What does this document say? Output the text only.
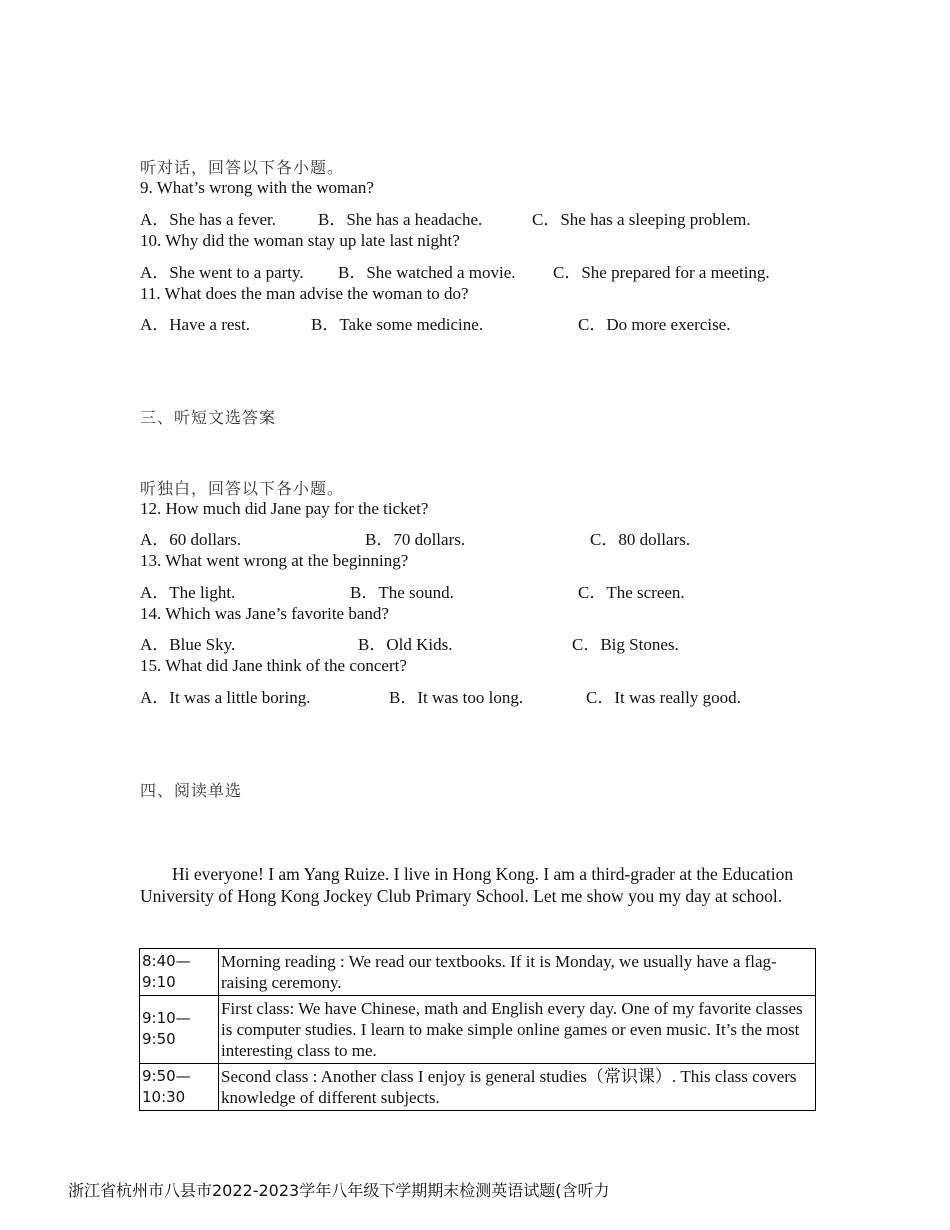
听对话，回答以下各小题。
9. What’s wrong with the woman?
A．She has a fever. B．She has a headache.	C．She has a sleeping problem.
10. Why did the woman stay up late last night?
A．She went to a party. B．She watched a movie. C．She prepared for a meeting.
11. What does the man advise the woman to do?
A．Have a rest.	B．Take some medicine.	C．Do more exercise.
三、听短文选答案
听独白，回答以下各小题。
12. How much did Jane pay for the ticket?
A．60 dollars.	B．70 dollars.	C．80 dollars.
13. What went wrong at the beginning?
A．The light.	B．The sound.	C．The screen.
14. Which was Jane’s favorite band?
A．Blue Sky.	B．Old Kids.	C．Big Stones.
15. What did Jane think of the concert?
A．It was a little boring.	B．It was too long.	C．It was really good.
四、阅读单选
Hi everyone! I am Yang Ruize. I live in Hong Kong. I am a third-grader at the Education University of Hong Kong Jockey Club Primary School. Let me show you my day at school.
8:40—
9:10	Morning reading : We read our textbooks. If it is Monday, we usually have a flag-raising ceremony.

9:10—
9:50	First class: We have Chinese, math and English every day. One of my favorite classes is computer studies. I learn to make simple online games or even music. It’s the most interesting class to me.

9:50—
10:30	Second class : Another class I enjoy is general studies（常识课）. This class covers knowledge of different subjects.
浙江省杭州市八县市2022-2023学年八年级下学期期末检测英语试题(含听力
